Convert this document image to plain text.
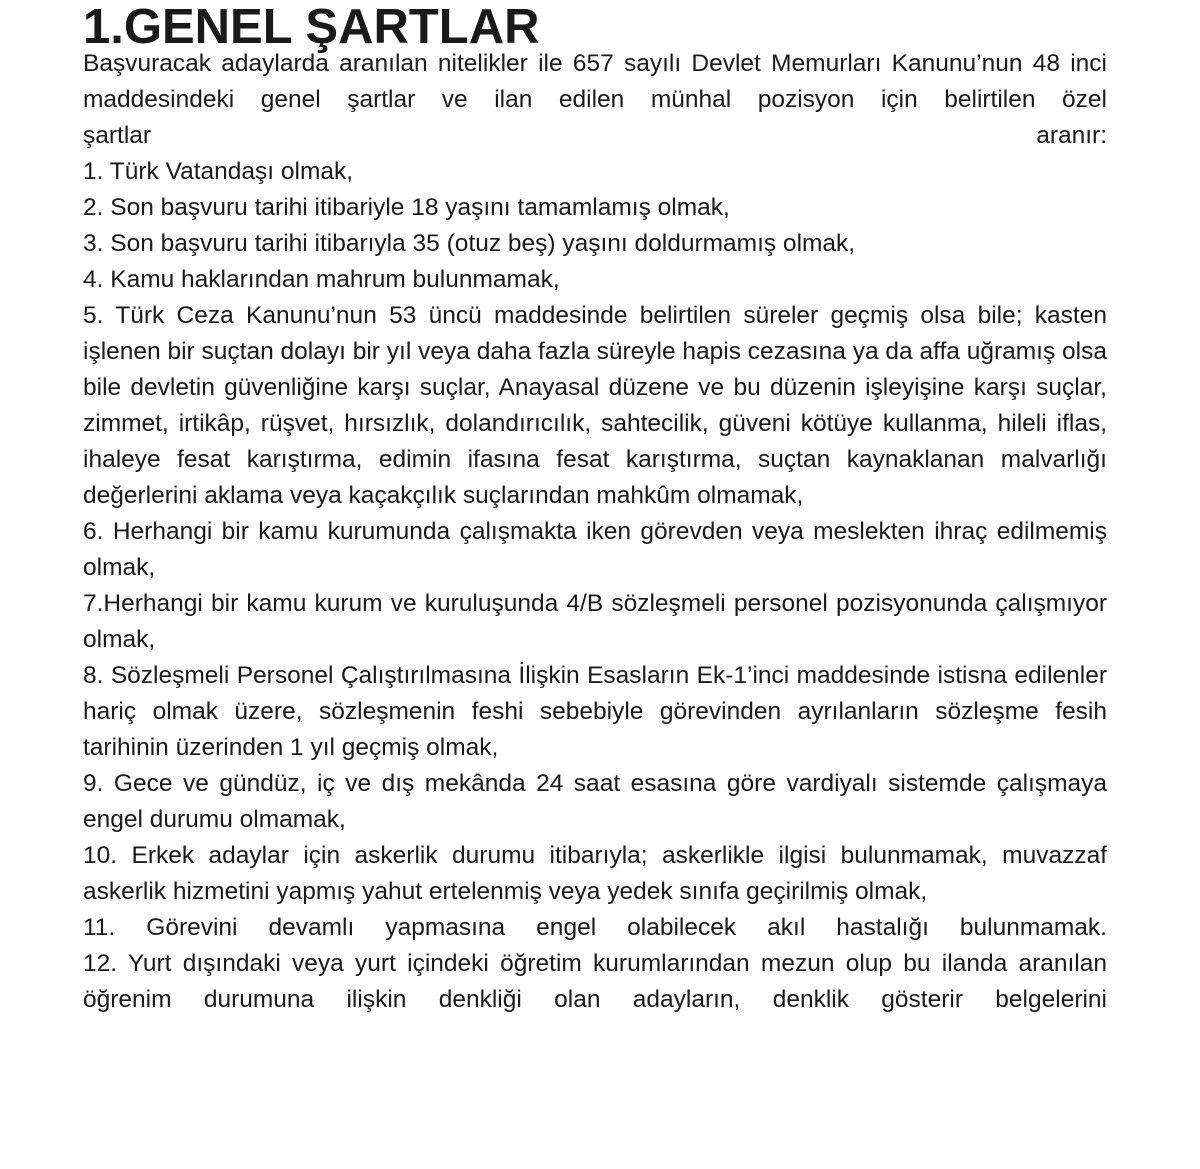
1.GENEL ŞARTLAR

Başvuracak adaylarda aranılan nitelikler ile 657 sayılı Devlet Memurları Kanunu’nun 48 inci maddesindeki genel şartlar ve ilan edilen münhal pozisyon için belirtilen özel

şartlar	aranır:

1. Türk Vatandaşı olmak,

2. Son başvuru tarihi itibariyle 18 yaşını tamamlamış olmak,

3. Son başvuru tarihi itibarıyla 35 (otuz beş) yaşını doldurmamış olmak,

4. Kamu haklarından mahrum bulunmamak,

5. Türk Ceza Kanunu’nun 53 üncü maddesinde belirtilen süreler geçmiş olsa bile; kasten işlenen bir suçtan dolayı bir yıl veya daha fazla süreyle hapis cezasına ya da affa uğramış olsa bile devletin güvenliğine karşı suçlar, Anayasal düzene ve bu düzenin işleyişine karşı suçlar, zimmet, irtikâp, rüşvet, hırsızlık, dolandırıcılık, sahtecilik, güveni kötüye kullanma, hileli iflas, ihaleye fesat karıştırma, edimin ifasına fesat karıştırma, suçtan kaynaklanan malvarlığı değerlerini aklama veya kaçakçılık suçlarından mahkûm olmamak,

6. Herhangi bir kamu kurumunda çalışmakta iken görevden veya meslekten ihraç edilmemiş olmak,

7.Herhangi bir kamu kurum ve kuruluşunda 4/B sözleşmeli personel pozisyonunda çalışmıyor olmak,

8. Sözleşmeli Personel Çalıştırılmasına İlişkin Esasların Ek-1’inci maddesinde istisna edilenler hariç olmak üzere, sözleşmenin feshi sebebiyle görevinden ayrılanların sözleşme fesih tarihinin üzerinden 1 yıl geçmiş olmak,

9. Gece ve gündüz, iç ve dış mekânda 24 saat esasına göre vardiyalı sistemde çalışmaya engel durumu olmamak,

10. Erkek adaylar için askerlik durumu itibarıyla; askerlikle ilgisi bulunmamak, muvazzaf askerlik hizmetini yapmış yahut ertelenmiş veya yedek sınıfa geçirilmiş olmak,

11. Görevini devamlı yapmasına engel olabilecek akıl hastalığı bulunmamak.

12. Yurt dışındaki veya yurt içindeki öğretim kurumlarından mezun olup bu ilanda aranılan öğrenim durumuna ilişkin denkliği olan adayların, denklik gösterir belgelerini
